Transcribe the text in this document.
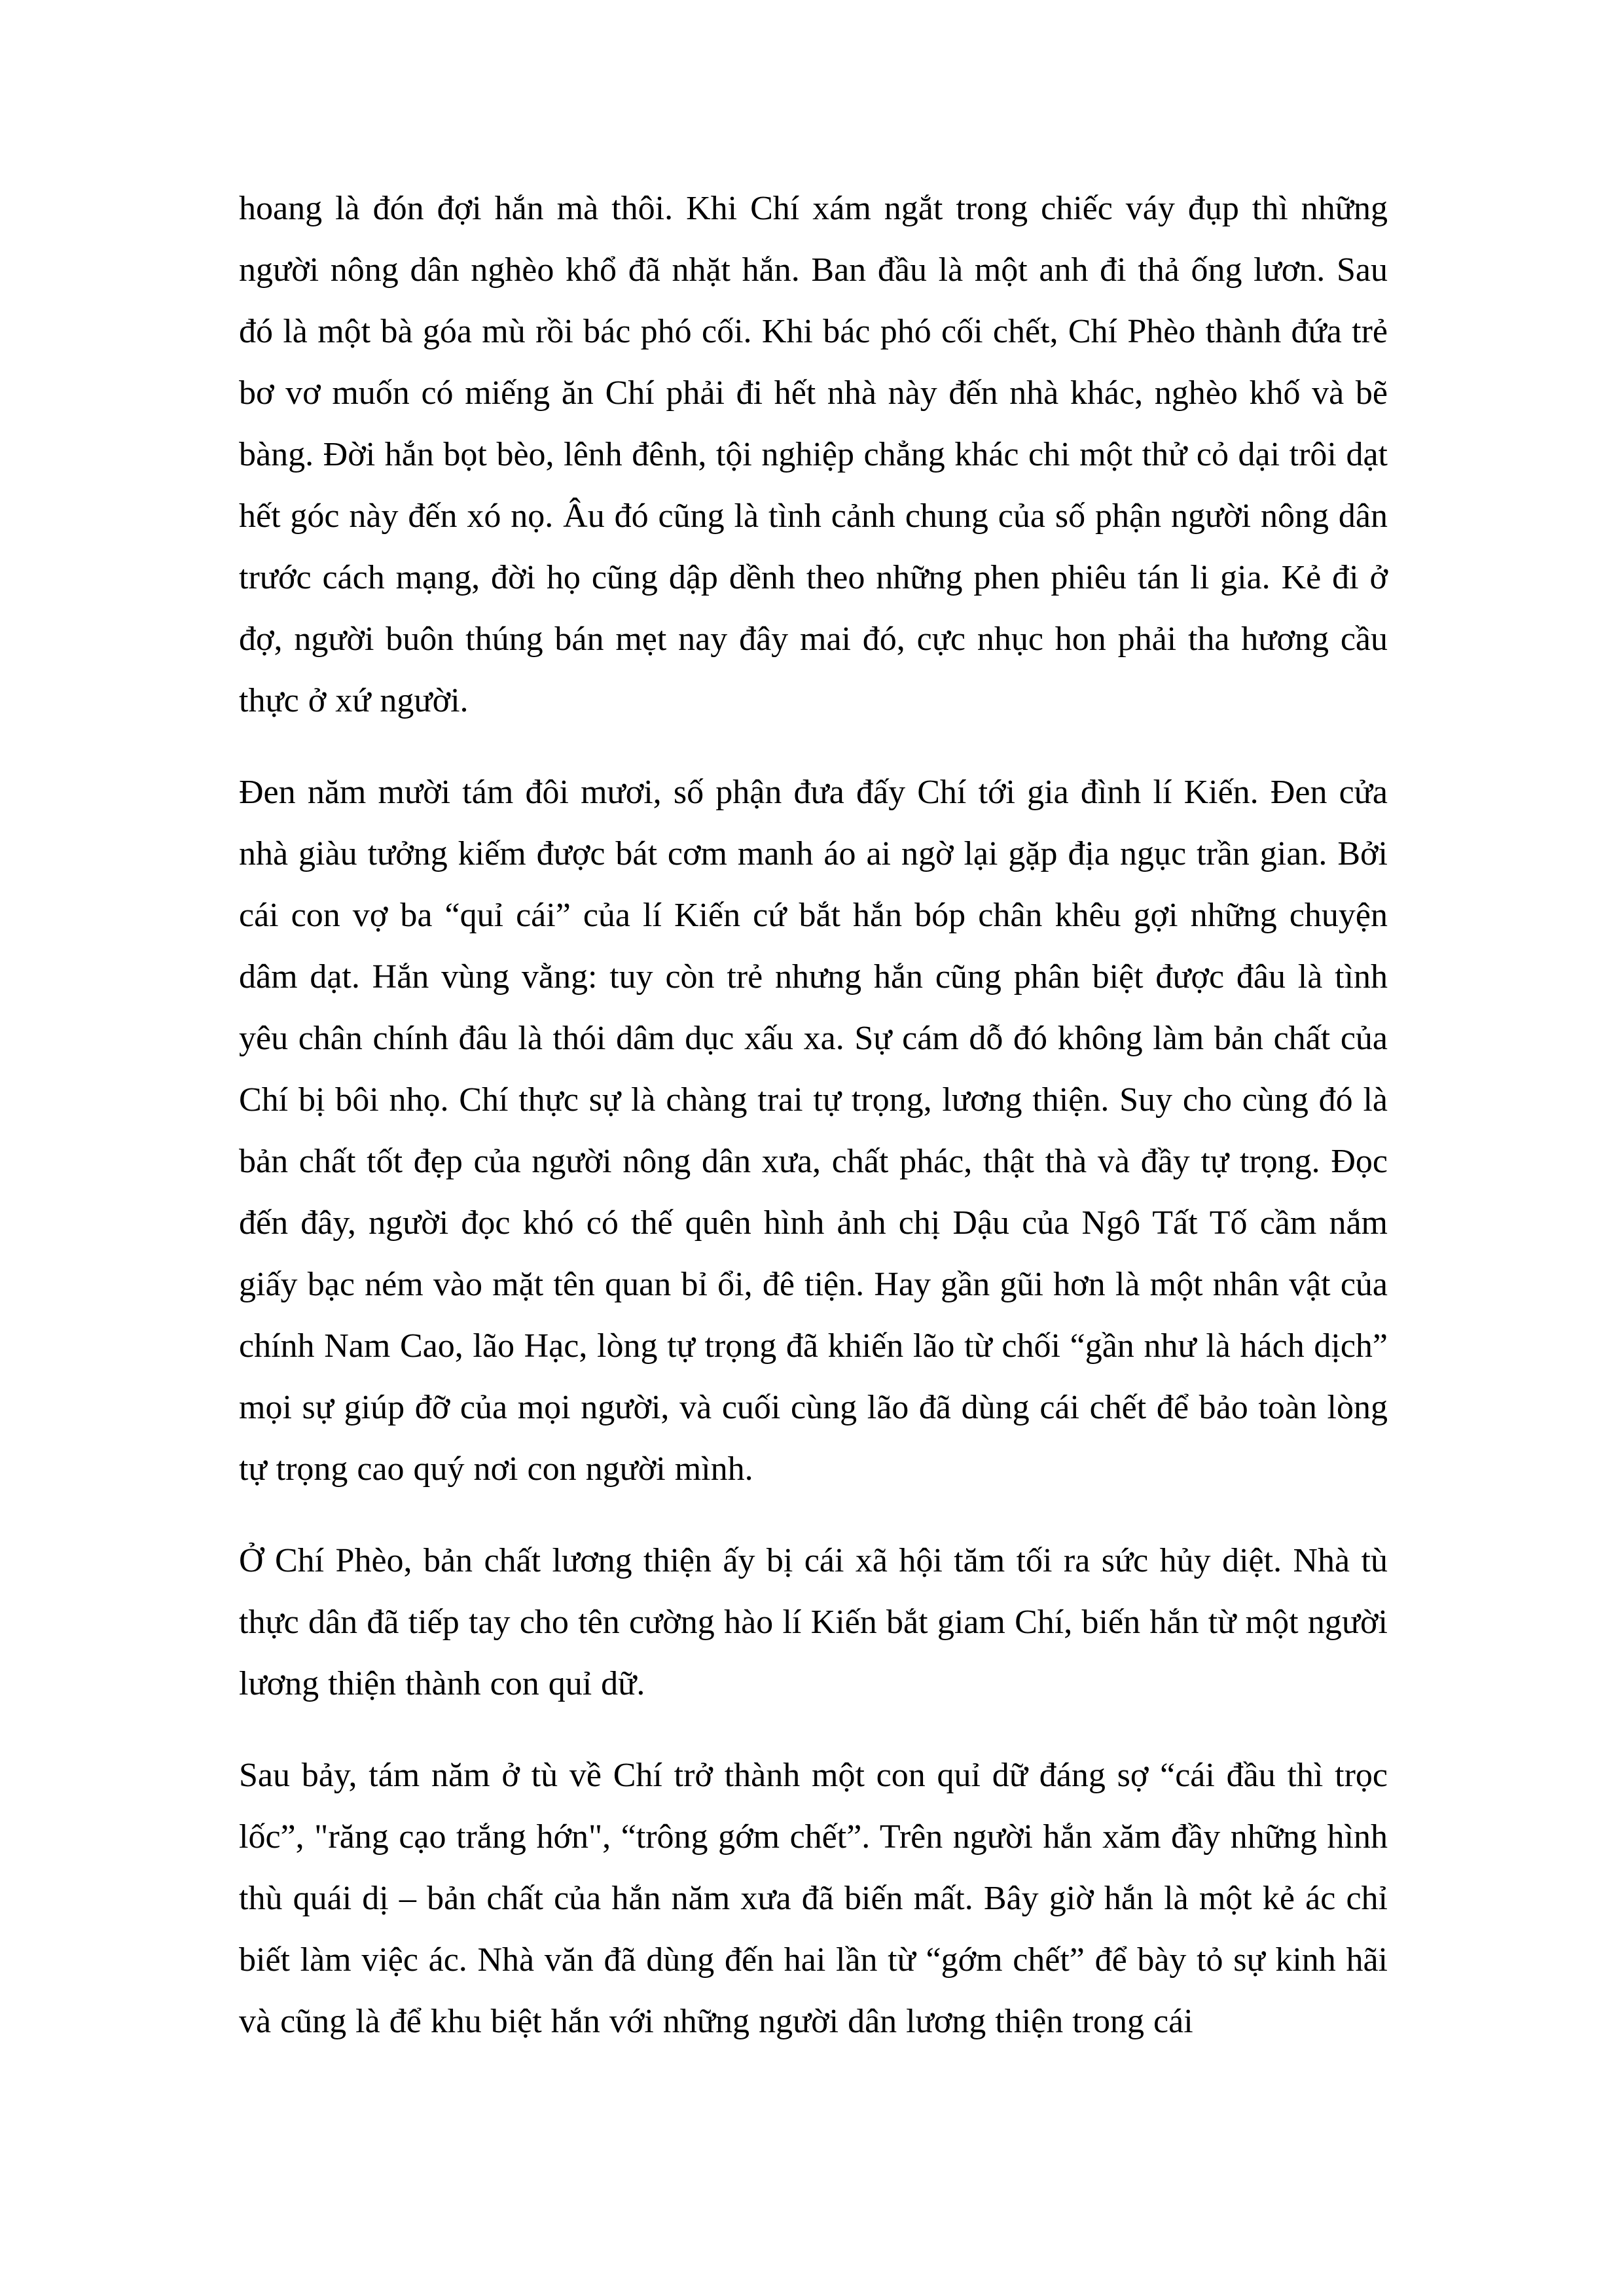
hoang là đón đợi hắn mà thôi. Khi Chí xám ngắt trong chiếc váy đụp thì những người nông dân nghèo khổ đã nhặt hắn. Ban đầu là một anh đi thả ống lươn. Sau đó là một bà góa mù rồi bác phó cối. Khi bác phó cối chết, Chí Phèo thành đứa trẻ bơ vơ muốn có miếng ăn Chí phải đi hết nhà này đến nhà khác, nghèo khố và bẽ bàng. Đời hắn bọt bèo, lênh đênh, tội nghiệp chẳng khác chi một thử cỏ dại trôi dạt hết góc này đến xó nọ. Âu đó cũng là tình cảnh chung của số phận người nông dân trước cách mạng, đời họ cũng dập dềnh theo những phen phiêu tán li gia. Kẻ đi ở đợ, người buôn thúng bán mẹt nay đây mai đó, cực nhục hon phải tha hương cầu thực ở xứ người.

Đen năm mười tám đôi mươi, số phận đưa đấy Chí tới gia đình lí Kiến. Đen cửa nhà giàu tưởng kiếm được bát cơm manh áo ai ngờ lại gặp địa ngục trần gian. Bởi cái con vợ ba “quỉ cái” của lí Kiến cứ bắt hắn bóp chân khêu gợi những chuyện dâm dạt. Hắn vùng vằng: tuy còn trẻ nhưng hắn cũng phân biệt được đâu là tình yêu chân chính đâu là thói dâm dục xấu xa. Sự cám dỗ đó không làm bản chất của Chí bị bôi nhọ. Chí thực sự là chàng trai tự trọng, lương thiện. Suy cho cùng đó là bản chất tốt đẹp của người nông dân xưa, chất phác, thật thà và đầy tự trọng. Đọc đến đây, người đọc khó có thế quên hình ảnh chị Dậu của Ngô Tất Tố cầm nắm giấy bạc ném vào mặt tên quan bỉ ổi, đê tiện. Hay gần gũi hơn là một nhân vật của chính Nam Cao, lão Hạc, lòng tự trọng đã khiến lão từ chối “gần như là hách dịch” mọi sự giúp đỡ của mọi người, và cuối cùng lão đã dùng cái chết để bảo toàn lòng tự trọng cao quý nơi con người mình.

Ở Chí Phèo, bản chất lương thiện ấy bị cái xã hội tăm tối ra sức hủy diệt. Nhà tù thực dân đã tiếp tay cho tên cường hào lí Kiến bắt giam Chí, biến hắn từ một người lương thiện thành con quỉ dữ.

Sau bảy, tám năm ở tù về Chí trở thành một con quỉ dữ đáng sợ “cái đầu thì trọc lốc”, "răng cạo trắng hớn", “trông gớm chết”. Trên người hắn xăm đầy những hình thù quái dị – bản chất của hắn năm xưa đã biến mất. Bây giờ hắn là một kẻ ác chỉ biết làm việc ác. Nhà văn đã dùng đến hai lần từ “gớm chết” để bày tỏ sự kinh hãi và cũng là để khu biệt hắn với những người dân lương thiện trong cái
